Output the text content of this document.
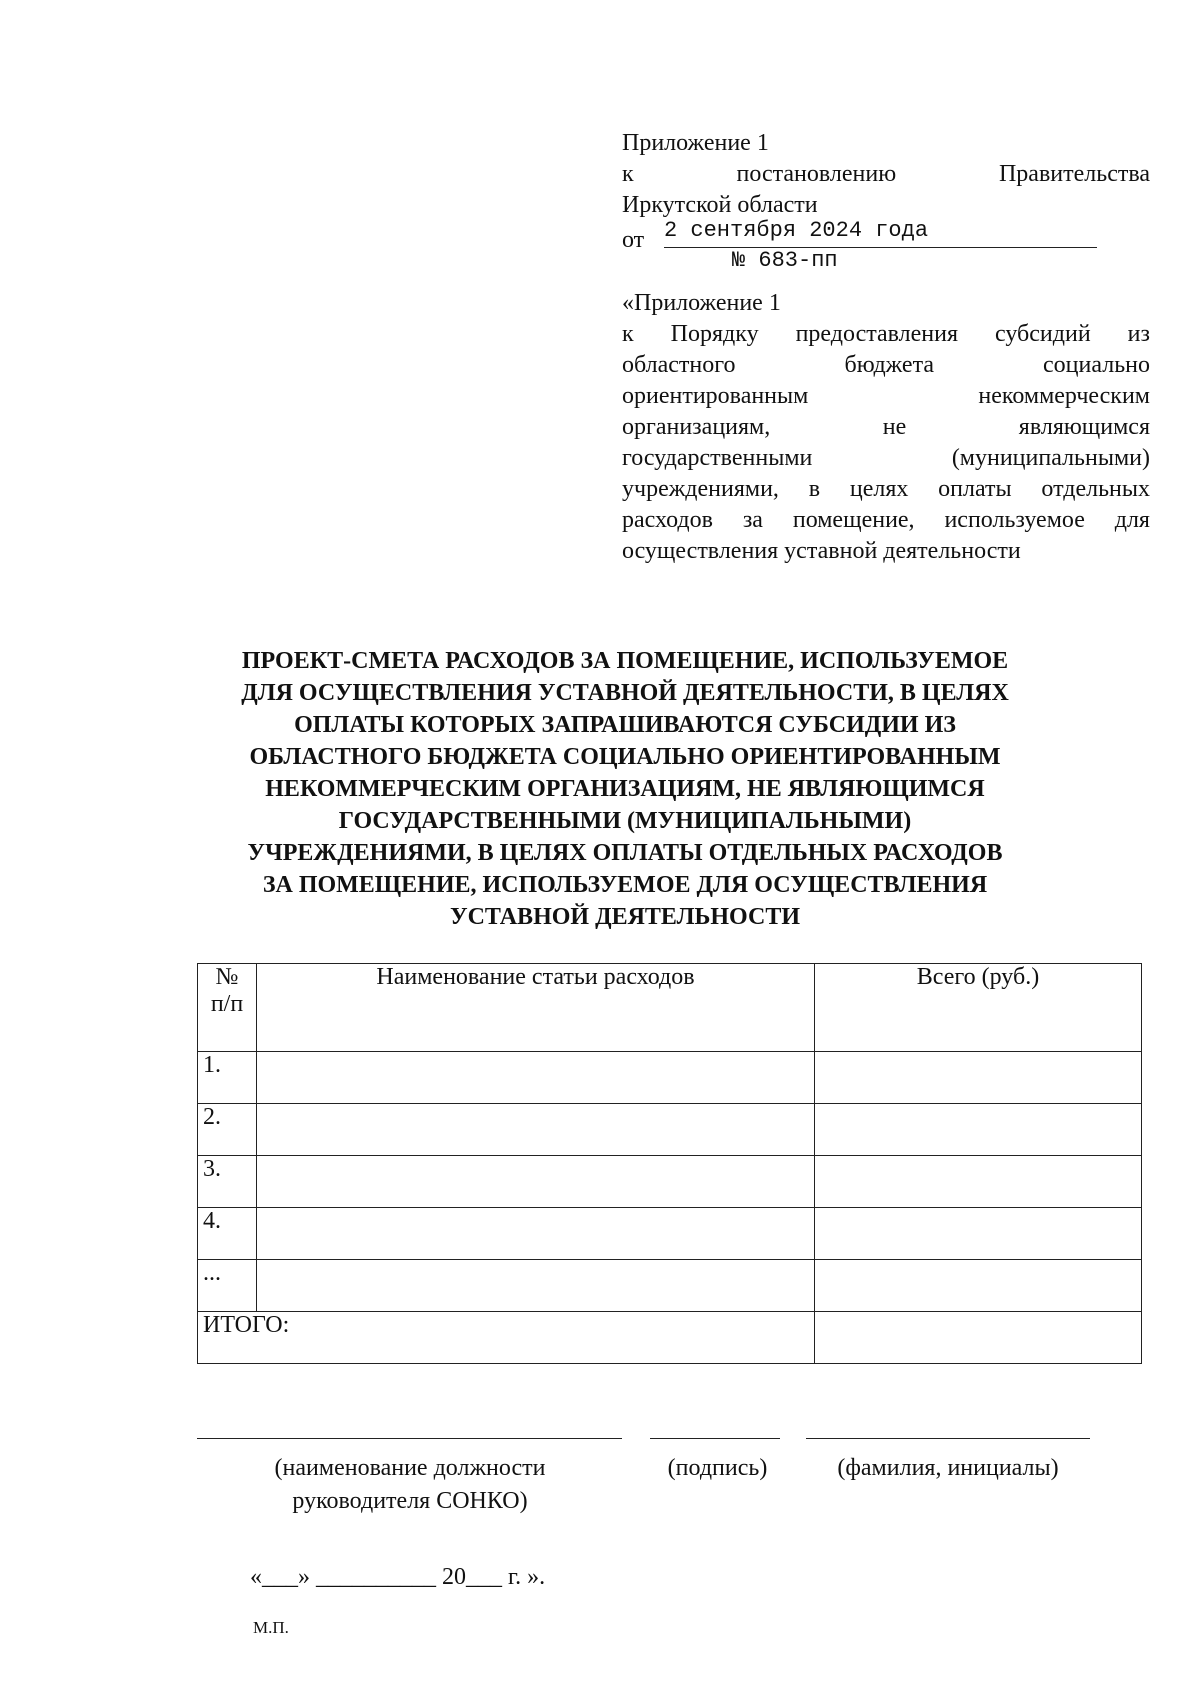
Приложение 1
к	постановлению	Правительства
Иркутской области
от 2 сентября 2024 года
№ 683-пп
«Приложение 1
к Порядку предоставления субсидий из
областного	бюджета	социально
ориентированным	некоммерческим
организациям,	не	являющимся
государственными	(муниципальными)
учреждениями, в целях оплаты отдельных
расходов за помещение, используемое для
осуществления уставной деятельности
ПРОЕКТ-СМЕТА РАСХОДОВ ЗА ПОМЕЩЕНИЕ, ИСПОЛЬЗУЕМОЕ
ДЛЯ ОСУЩЕСТВЛЕНИЯ УСТАВНОЙ ДЕЯТЕЛЬНОСТИ, В ЦЕЛЯХ
ОПЛАТЫ КОТОРЫХ ЗАПРАШИВАЮТСЯ СУБСИДИИ ИЗ
ОБЛАСТНОГО БЮДЖЕТА СОЦИАЛЬНО ОРИЕНТИРОВАННЫМ
НЕКОММЕРЧЕСКИМ ОРГАНИЗАЦИЯМ, НЕ ЯВЛЯЮЩИМСЯ
ГОСУДАРСТВЕННЫМИ (МУНИЦИПАЛЬНЫМИ)
УЧРЕЖДЕНИЯМИ, В ЦЕЛЯХ ОПЛАТЫ ОТДЕЛЬНЫХ РАСХОДОВ
ЗА ПОМЕЩЕНИЕ, ИСПОЛЬЗУЕМОЕ ДЛЯ ОСУЩЕСТВЛЕНИЯ
УСТАВНОЙ ДЕЯТЕЛЬНОСТИ
№
п/п	Наименование статьи расходов	Всего (руб.)
1.		
2.		
3.		
4.		
...		
ИТОГО:		
(наименование должности
руководителя СОНКО)
(подпись)	(фамилия, инициалы)
«___» __________ 20___ г. ».
М.П.
